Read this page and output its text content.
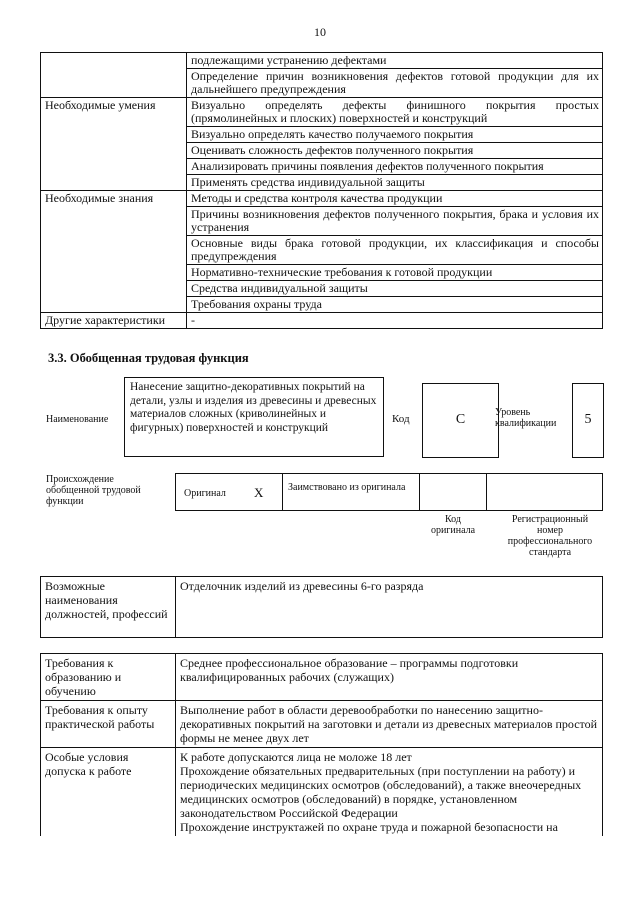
10
	подлежащими устранению дефектами
	Определение причин возникновения дефектов готовой продукции для их дальнейшего предупреждения
Необходимые умения	Визуально определять дефекты финишного покрытия простых (прямолинейных и плоских) поверхностей и конструкций
	Визуально определять качество получаемого покрытия
	Оценивать сложность дефектов полученного покрытия
	Анализировать причины появления дефектов полученного покрытия
	Применять средства индивидуальной защиты
Необходимые знания	Методы и средства контроля качества продукции
	Причины возникновения дефектов полученного покрытия, брака и условия их устранения
	Основные виды брака готовой продукции, их классификация и способы предупреждения
	Нормативно-технические требования к готовой продукции
	Средства индивидуальной защиты
	Требования охраны труда
Другие характеристики	-
3.3. Обобщенная трудовая функция
Наименование
Нанесение защитно-декоративных покрытий на детали, узлы и изделия из древесины и древесных материалов сложных (криволинейных и фигурных) поверхностей и конструкций
Код	C	Уровень квалификации	5
Происхождение обобщенной трудовой функции
Оригинал X Заимствовано из оригинала
Код оригинала
Регистрационный номер профессионального стандарта
Возможные наименования должностей, профессий	Отделочник изделий из древесины 6-го разряда
Требования к образованию и обучению	Среднее профессиональное образование – программы подготовки квалифицированных рабочих (служащих)
Требования к опыту практической работы	Выполнение работ в области деревообработки по нанесению защитно-декоративных покрытий на заготовки и детали из древесных материалов простой формы не менее двух лет
Особые условия допуска к работе	К работе допускаются лица не моложе 18 лет
Прохождение обязательных предварительных (при поступлении на работу) и периодических медицинских осмотров (обследований), а также внеочередных медицинских осмотров (обследований) в порядке, установленном законодательством Российской Федерации
Прохождение инструктажей по охране труда и пожарной безопасности на
